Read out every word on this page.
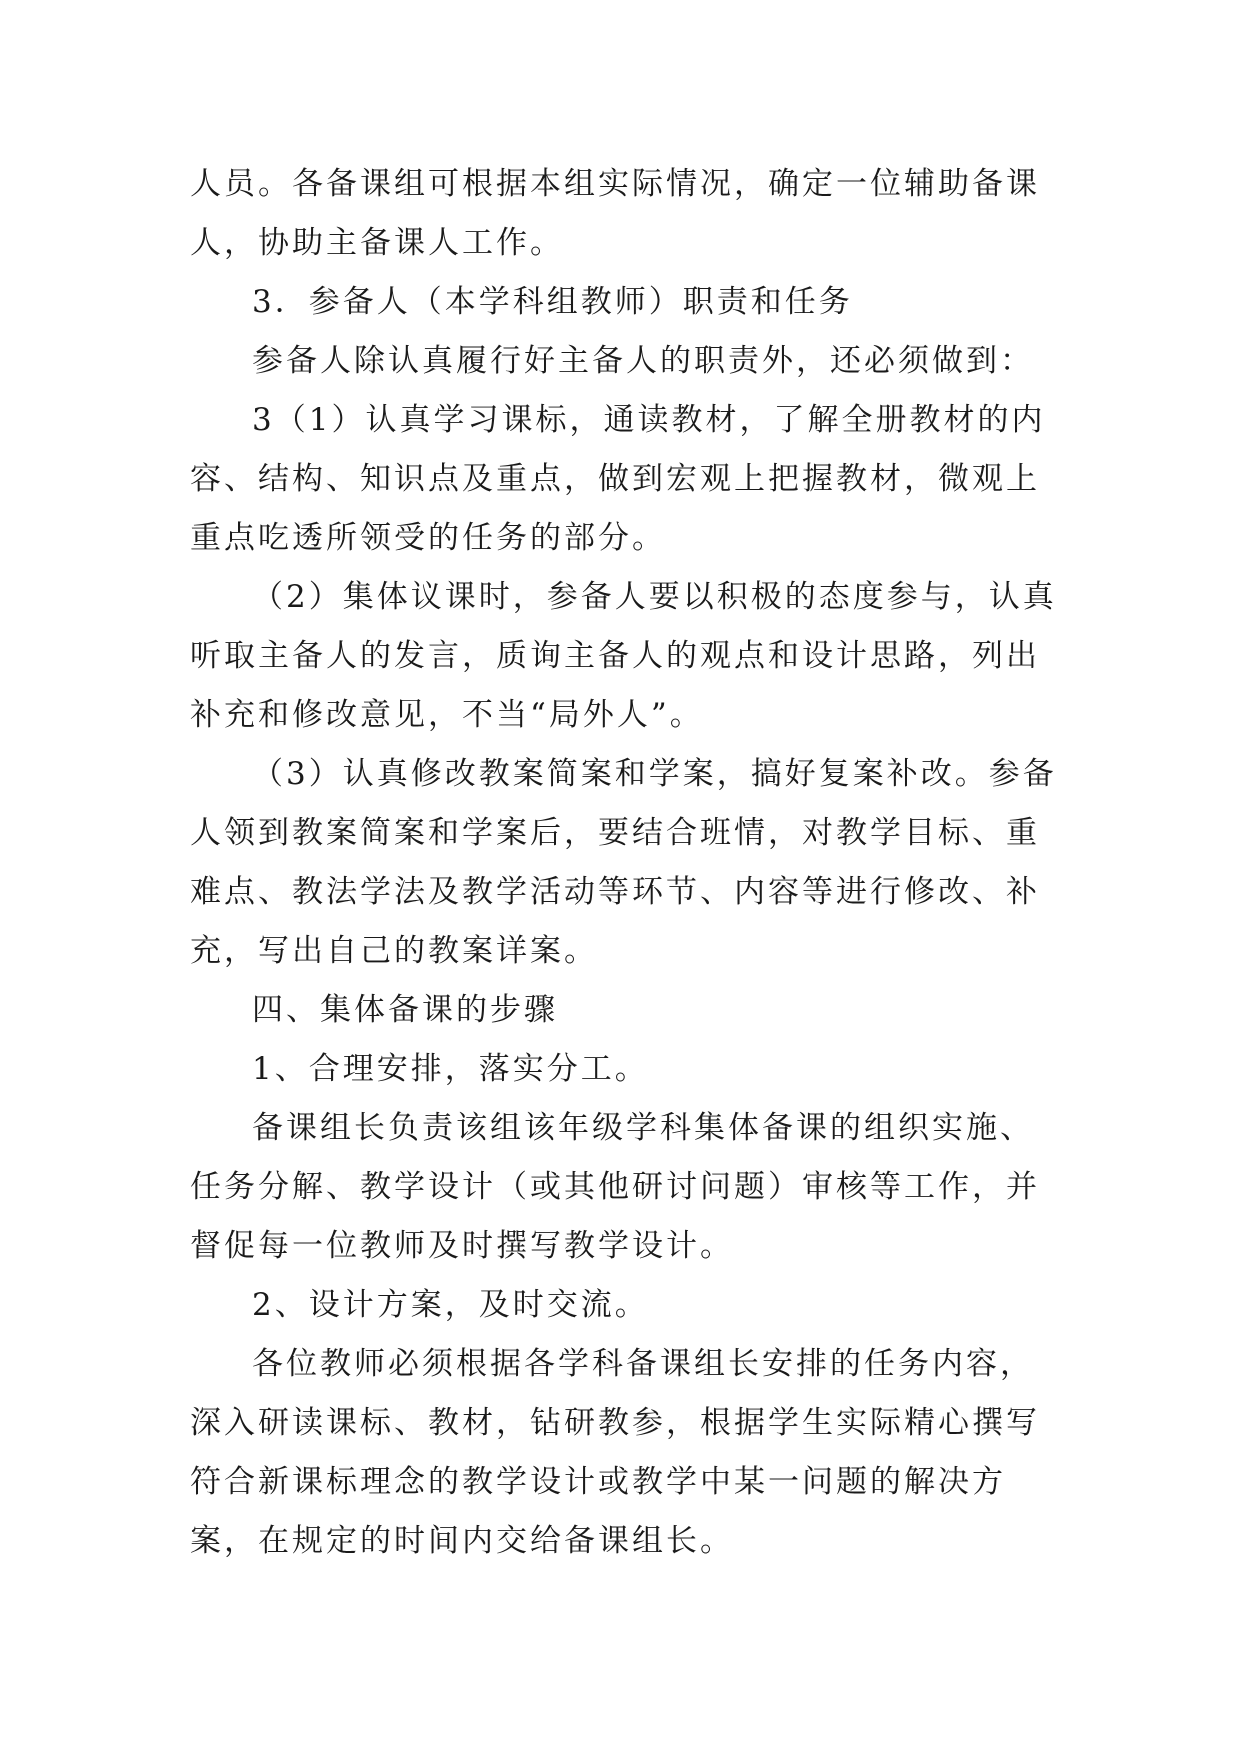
人员。各备课组可根据本组实际情况，确定一位辅助备课人，协助主备课人工作。

3．参备人（本学科组教师）职责和任务

参备人除认真履行好主备人的职责外，还必须做到：

3（1）认真学习课标，通读教材，了解全册教材的内容、结构、知识点及重点，做到宏观上把握教材，微观上重点吃透所领受的任务的部分。

（2）集体议课时，参备人要以积极的态度参与，认真听取主备人的发言，质询主备人的观点和设计思路，列出补充和修改意见，不当“局外人”。

（3）认真修改教案简案和学案，搞好复案补改。参备人领到教案简案和学案后，要结合班情，对教学目标、重难点、教法学法及教学活动等环节、内容等进行修改、补充，写出自己的教案详案。

四、集体备课的步骤

1、合理安排，落实分工。

备课组长负责该组该年级学科集体备课的组织实施、任务分解、教学设计（或其他研讨问题）审核等工作，并督促每一位教师及时撰写教学设计。

2、设计方案，及时交流。

各位教师必须根据各学科备课组长安排的任务内容，深入研读课标、教材，钻研教参，根据学生实际精心撰写符合新课标理念的教学设计或教学中某一问题的解决方案，在规定的时间内交给备课组长。
